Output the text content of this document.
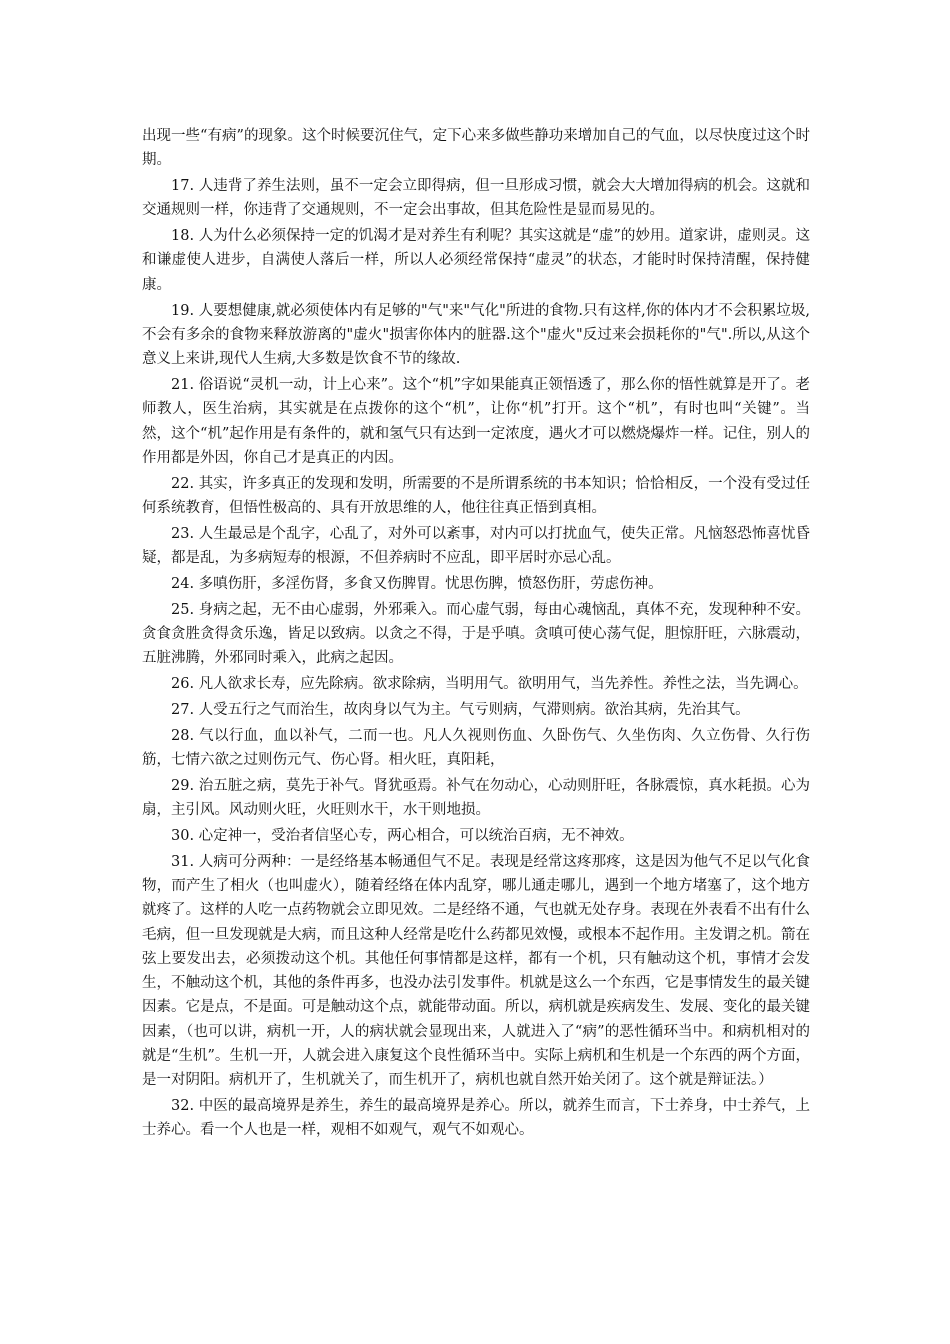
出现一些“有病”的现象。这个时候要沉住气，定下心来多做些静功来增加自己的气血，以尽快度过这个时期。

17. 人违背了养生法则，虽不一定会立即得病，但一旦形成习惯，就会大大增加得病的机会。这就和交通规则一样，你违背了交通规则，不一定会出事故，但其危险性是显而易见的。

18. 人为什么必须保持一定的饥渴才是对养生有利呢？其实这就是“虚”的妙用。道家讲，虚则灵。这和谦虚使人进步，自满使人落后一样，所以人必须经常保持“虚灵”的状态，才能时时保持清醒，保持健康。

19. 人要想健康,就必须使体内有足够的"气"来"气化"所进的食物.只有这样,你的体内才不会积累垃圾,不会有多余的食物来释放游离的"虚火"损害你体内的脏器.这个"虚火"反过来会损耗你的"气".所以,从这个意义上来讲,现代人生病,大多数是饮食不节的缘故.

21. 俗语说“灵机一动，计上心来”。这个“机”字如果能真正领悟透了，那么你的悟性就算是开了。老师教人，医生治病，其实就是在点拨你的这个“机”，让你“机”打开。这个“机”，有时也叫“关键”。当然，这个“机”起作用是有条件的，就和氢气只有达到一定浓度，遇火才可以燃烧爆炸一样。记住，别人的作用都是外因，你自己才是真正的内因。

22. 其实，许多真正的发现和发明，所需要的不是所谓系统的书本知识；恰恰相反，一个没有受过任何系统教育，但悟性极高的、具有开放思维的人，他往往真正悟到真相。

23. 人生最忌是个乱字，心乱了，对外可以紊事，对内可以打扰血气，使失正常。凡恼怒恐怖喜忧昏疑，都是乱，为多病短寿的根源，不但养病时不应乱，即平居时亦忌心乱。

24. 多嗔伤肝，多淫伤肾，多食又伤脾胃。忧思伤脾，愤怒伤肝，劳虑伤神。

25. 身病之起，无不由心虚弱，外邪乘入。而心虚气弱，每由心魂恼乱，真体不充，发现种种不安。贪食贪胜贪得贪乐逸，皆足以致病。以贪之不得，于是乎嗔。贪嗔可使心荡气促，胆惊肝旺，六脉震动，五脏沸腾，外邪同时乘入，此病之起因。

26. 凡人欲求长寿，应先除病。欲求除病，当明用气。欲明用气，当先养性。养性之法，当先调心。

27. 人受五行之气而治生，故肉身以气为主。气亏则病，气滞则病。欲治其病，先治其气。

28. 气以行血，血以补气，二而一也。凡人久视则伤血、久卧伤气、久坐伤肉、久立伤骨、久行伤筋，七情六欲之过则伤元气、伤心肾。相火旺，真阳耗，

29. 治五脏之病，莫先于补气。肾犹亟焉。补气在勿动心，心动则肝旺，各脉震惊，真水耗损。心为扇，主引风。风动则火旺，火旺则水干，水干则地损。

30. 心定神一，受治者信坚心专，两心相合，可以统治百病，无不神效。

31. 人病可分两种：一是经络基本畅通但气不足。表现是经常这疼那疼，这是因为他气不足以气化食物，而产生了相火（也叫虚火），随着经络在体内乱穿，哪儿通走哪儿，遇到一个地方堵塞了，这个地方就疼了。这样的人吃一点药物就会立即见效。二是经络不通，气也就无处存身。表现在外表看不出有什么毛病，但一旦发现就是大病，而且这种人经常是吃什么药都见效慢，或根本不起作用。主发谓之机。箭在弦上要发出去，必须拨动这个机。其他任何事情都是这样，都有一个机，只有触动这个机，事情才会发生，不触动这个机，其他的条件再多，也没办法引发事件。机就是这么一个东西，它是事情发生的最关键因素。它是点，不是面。可是触动这个点，就能带动面。所以，病机就是疾病发生、发展、变化的最关键因素，（也可以讲，病机一开，人的病状就会显现出来，人就进入了“病”的恶性循环当中。和病机相对的就是“生机”。生机一开，人就会进入康复这个良性循环当中。实际上病机和生机是一个东西的两个方面，是一对阴阳。病机开了，生机就关了，而生机开了，病机也就自然开始关闭了。这个就是辩证法。）

32. 中医的最高境界是养生，养生的最高境界是养心。所以，就养生而言，下士养身，中士养气，上士养心。看一个人也是一样，观相不如观气，观气不如观心。
